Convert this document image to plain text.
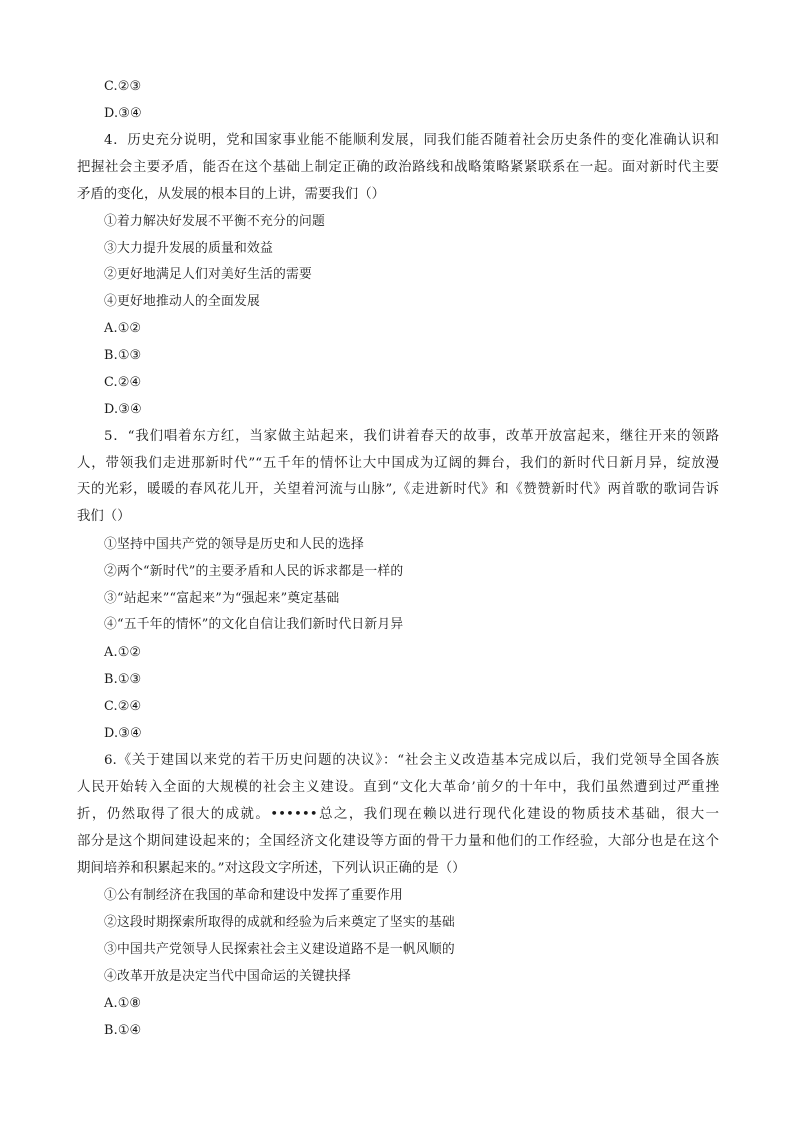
C.②③
D.③④
4．历史充分说明，党和国家事业能不能顺利发展，同我们能否随着社会历史条件的变化准确认识和
把握社会主要矛盾，能否在这个基础上制定正确的政治路线和战略策略紧紧联系在一起。面对新时代主要
矛盾的变化，从发展的根本目的上讲，需要我们（）
①着力解决好发展不平衡不充分的问题
③大力提升发展的质量和效益
②更好地满足人们对美好生活的需要
④更好地推动人的全面发展
A.①②
B.①③
C.②④
D.③④
5．“我们唱着东方红，当家做主站起来，我们讲着春天的故事，改革开放富起来，继往开来的领路
人，带领我们走进那新时代”“五千年的情怀让大中国成为辽阔的舞台，我们的新时代日新月异，绽放漫
天的光彩，暖暖的春风花儿开，关望着河流与山脉”,《走进新时代》和《赞赞新时代》两首歌的歌词告诉
我们（）
①坚持中国共产党的领导是历史和人民的选择
②两个“新时代”的主要矛盾和人民的诉求都是一样的
③“站起来”“富起来”为“强起来”奠定基础
④“五千年的情怀”的文化自信让我们新时代日新月异
A.①②
B.①③
C.②④
D.③④
6.《关于建国以来党的若干历史问题的决议》：“社会主义改造基本完成以后，我们党领导全国各族
人民开始转入全面的大规模的社会主义建设。直到“文化大革命’前夕的十年中，我们虽然遭到过严重挫
折，仍然取得了很大的成就。••••••总之，我们现在赖以进行现代化建设的物质技术基础，很大一
部分是这个期间建设起来的；全国经济文化建设等方面的骨干力量和他们的工作经验，大部分也是在这个
期间培养和积累起来的。”对这段文字所述，下列认识正确的是（）
①公有制经济在我国的革命和建设中发挥了重要作用
②这段时期探索所取得的成就和经验为后来奠定了坚实的基础
③中国共产党领导人民探索社会主义建设道路不是一帆风顺的
④改革开放是决定当代中国命运的关键抉择
A.①⑧
B.①④
